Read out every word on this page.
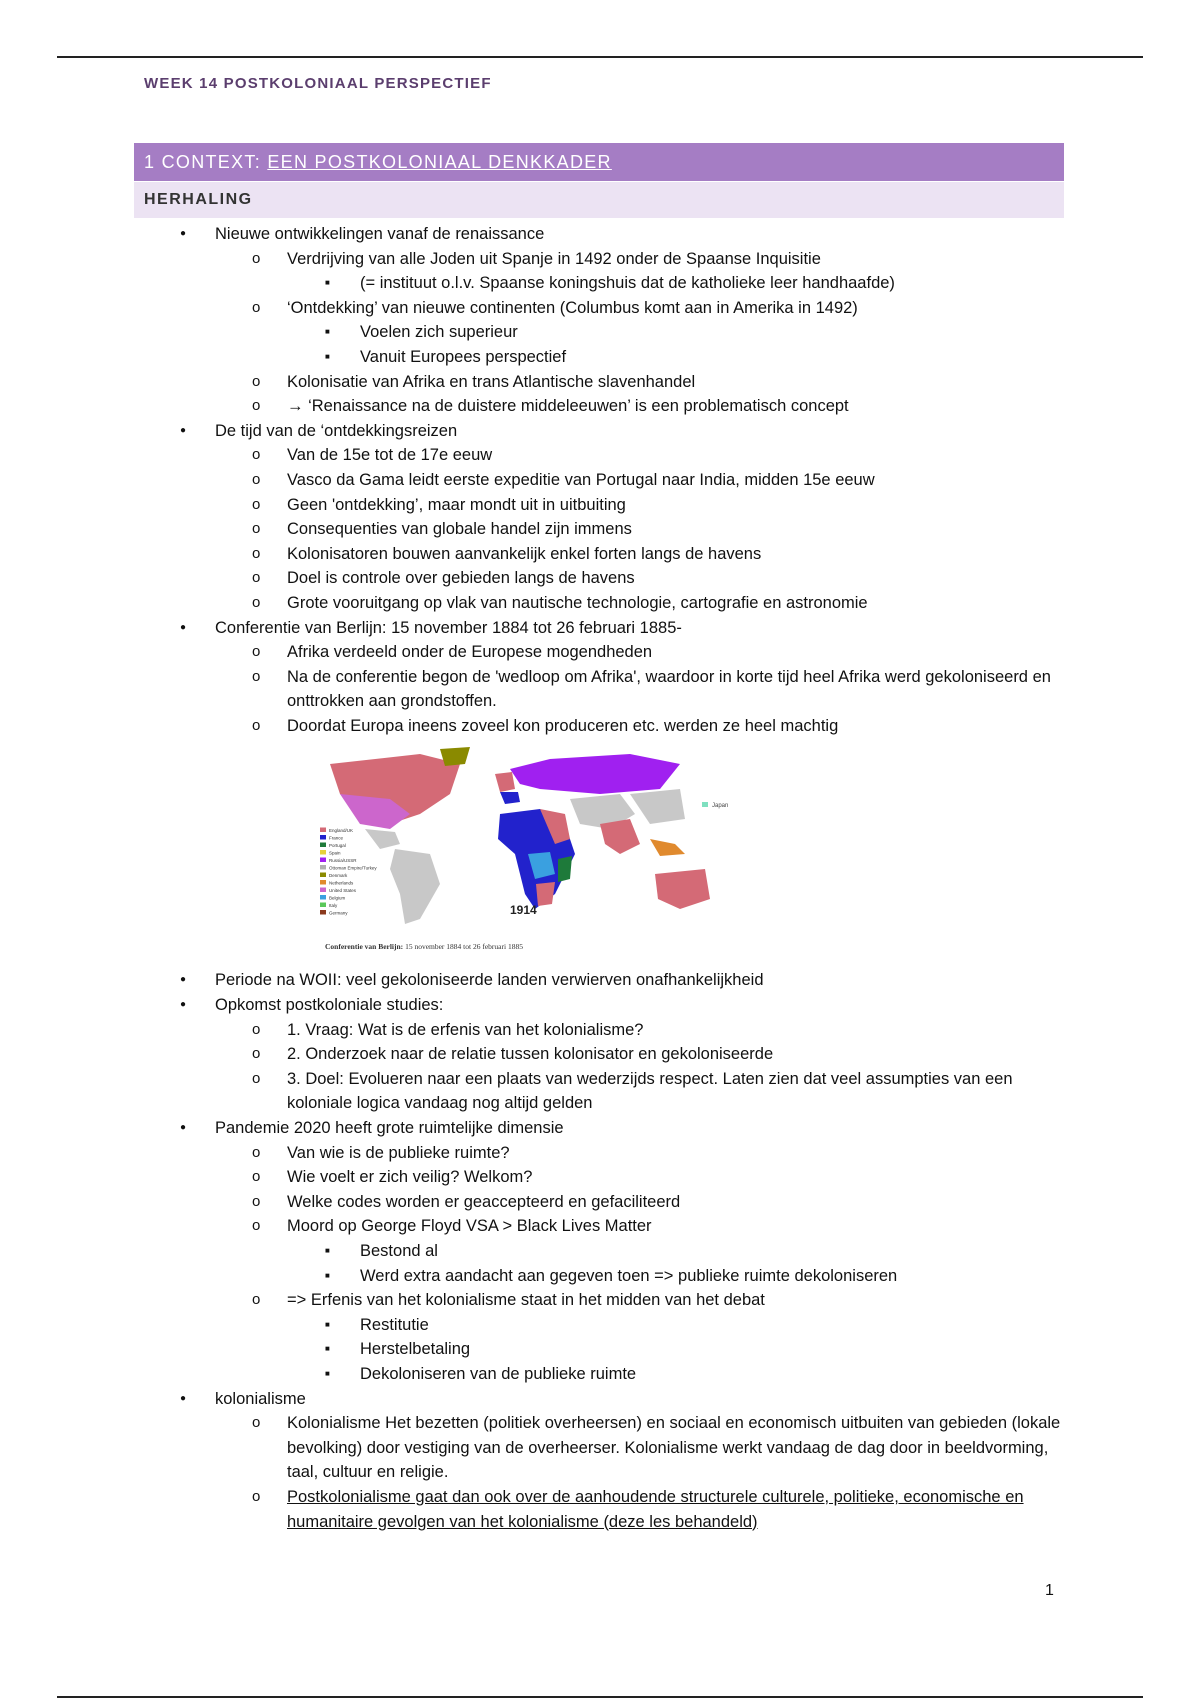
WEEK 14 POSTKOLONIAAL PERSPECTIEF
1 CONTEXT: EEN POSTKOLONIAAL DENKKADER
HERHALING
● Nieuwe ontwikkelingen vanaf de renaissance
o Verdrijving van alle Joden uit Spanje in 1492 onder de Spaanse Inquisitie
■ (= instituut o.l.v. Spaanse koningshuis dat de katholieke leer handhaafde)
o ‘Ontdekking’ van nieuwe continenten (Columbus komt aan in Amerika in 1492)
■ Voelen zich superieur
■ Vanuit Europees perspectief
o Kolonisatie van Afrika en trans Atlantische slavenhandel
o → ‘Renaissance na de duistere middeleeuwen’ is een problematisch concept
● De tijd van de ‘ontdekkingsreizen
o Van de 15e tot de 17e eeuw
o Vasco da Gama leidt eerste expeditie van Portugal naar India, midden 15e eeuw
o Geen 'ontdekking’, maar mondt uit in uitbuiting
o Consequenties van globale handel zijn immens
o Kolonisatoren bouwen aanvankelijk enkel forten langs de havens
o Doel is controle over gebieden langs de havens
o Grote vooruitgang op vlak van nautische technologie, cartografie en astronomie
● Conferentie van Berlijn: 15 november 1884 tot 26 februari 1885-
o Afrika verdeeld onder de Europese mogendheden
o Na de conferentie begon de 'wedloop om Afrika', waardoor in korte tijd heel Afrika werd gekoloniseerd en onttrokken aan grondstoffen.
o Doordat Europa ineens zoveel kon produceren etc. werden ze heel machtig
Japan
England/UK
France
Portugal
Spain
Russia/USSR
Ottoman Empire/Turkey
Denmark
Netherlands
United States
Belgium
Italy
Germany	1914
Conferentie van Berlijn: 15 november 1884 tot 26 februari 1885
● Periode na WOII: veel gekoloniseerde landen verwierven onafhankelijkheid
● Opkomst postkoloniale studies:
o 1. Vraag: Wat is de erfenis van het kolonialisme?
o 2. Onderzoek naar de relatie tussen kolonisator en gekoloniseerde
o 3. Doel: Evolueren naar een plaats van wederzijds respect. Laten zien dat veel assumpties van een koloniale logica vandaag nog altijd gelden
● Pandemie 2020 heeft grote ruimtelijke dimensie
o Van wie is de publieke ruimte?
o Wie voelt er zich veilig? Welkom?
o Welke codes worden er geaccepteerd en gefaciliteerd
o Moord op George Floyd VSA > Black Lives Matter
■ Bestond al
■ Werd extra aandacht aan gegeven toen => publieke ruimte dekoloniseren
o => Erfenis van het kolonialisme staat in het midden van het debat
■ Restitutie
■ Herstelbetaling
■ Dekoloniseren van de publieke ruimte
● kolonialisme
o Kolonialisme Het bezetten (politiek overheersen) en sociaal en economisch uitbuiten van gebieden (lokale bevolking) door vestiging van de overheerser. Kolonialisme werkt vandaag de dag door in beeldvorming, taal, cultuur en religie.
o Postkolonialisme gaat dan ook over de aanhoudende structurele culturele, politieke, economische en humanitaire gevolgen van het kolonialisme (deze les behandeld)
1
